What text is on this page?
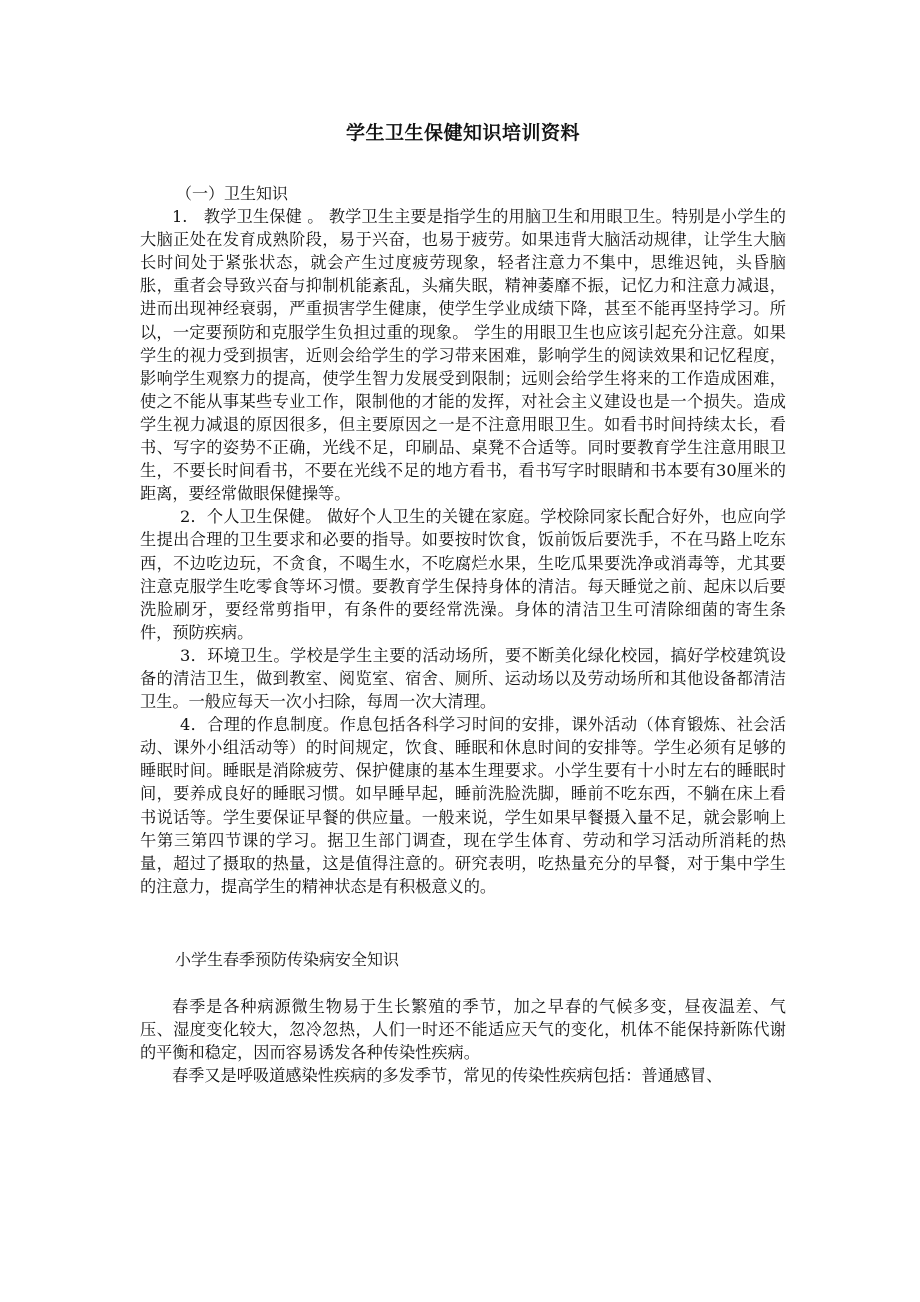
学生卫生保健知识培训资料

（一）卫生知识

1.　教学卫生保健 。 教学卫生主要是指学生的用脑卫生和用眼卫生。特别是小学生的大脑正处在发育成熟阶段，易于兴奋，也易于疲劳。如果违背大脑活动规律，让学生大脑长时间处于紧张状态，就会产生过度疲劳现象，轻者注意力不集中，思维迟钝，头昏脑胀，重者会导致兴奋与抑制机能紊乱，头痛失眠，精神萎靡不振，记忆力和注意力减退，进而出现神经衰弱，严重损害学生健康，使学生学业成绩下降，甚至不能再坚持学习。所以，一定要预防和克服学生负担过重的现象。 学生的用眼卫生也应该引起充分注意。如果学生的视力受到损害，近则会给学生的学习带来困难，影响学生的阅读效果和记忆程度，影响学生观察力的提高，使学生智力发展受到限制；远则会给学生将来的工作造成困难，使之不能从事某些专业工作，限制他的才能的发挥，对社会主义建设也是一个损失。造成学生视力减退的原因很多，但主要原因之一是不注意用眼卫生。如看书时间持续太长，看书、写字的姿势不正确，光线不足，印刷品、桌凳不合适等。同时要教育学生注意用眼卫生，不要长时间看书，不要在光线不足的地方看书，看书写字时眼睛和书本要有30厘米的距离，要经常做眼保健操等。

2．个人卫生保健。 做好个人卫生的关键在家庭。学校除同家长配合好外，也应向学生提出合理的卫生要求和必要的指导。如要按时饮食，饭前饭后要洗手，不在马路上吃东西，不边吃边玩，不贪食，不喝生水，不吃腐烂水果，生吃瓜果要洗净或消毒等，尤其要注意克服学生吃零食等坏习惯。要教育学生保持身体的清洁。每天睡觉之前、起床以后要洗脸刷牙，要经常剪指甲，有条件的要经常洗澡。身体的清洁卫生可清除细菌的寄生条件，预防疾病。

3．环境卫生。学校是学生主要的活动场所，要不断美化绿化校园，搞好学校建筑设备的清洁卫生，做到教室、阅览室、宿舍、厕所、运动场以及劳动场所和其他设备都清洁卫生。一般应每天一次小扫除，每周一次大清理。

4．合理的作息制度。作息包括各科学习时间的安排，课外活动（体育锻炼、社会活动、课外小组活动等）的时间规定，饮食、睡眠和休息时间的安排等。学生必须有足够的睡眠时间。睡眠是消除疲劳、保护健康的基本生理要求。小学生要有十小时左右的睡眠时间，要养成良好的睡眠习惯。如早睡早起，睡前洗脸洗脚，睡前不吃东西，不躺在床上看书说话等。学生要保证早餐的供应量。一般来说，学生如果早餐摄入量不足，就会影响上午第三第四节课的学习。据卫生部门调查，现在学生体育、劳动和学习活动所消耗的热量，超过了摄取的热量，这是值得注意的。研究表明，吃热量充分的早餐，对于集中学生的注意力，提高学生的精神状态是有积极意义的。

小学生春季预防传染病安全知识

春季是各种病源微生物易于生长繁殖的季节，加之早春的气候多变，昼夜温差、气压、湿度变化较大，忽冷忽热，人们一时还不能适应天气的变化，机体不能保持新陈代谢的平衡和稳定，因而容易诱发各种传染性疾病。

春季又是呼吸道感染性疾病的多发季节，常见的传染性疾病包括：普通感冒、
